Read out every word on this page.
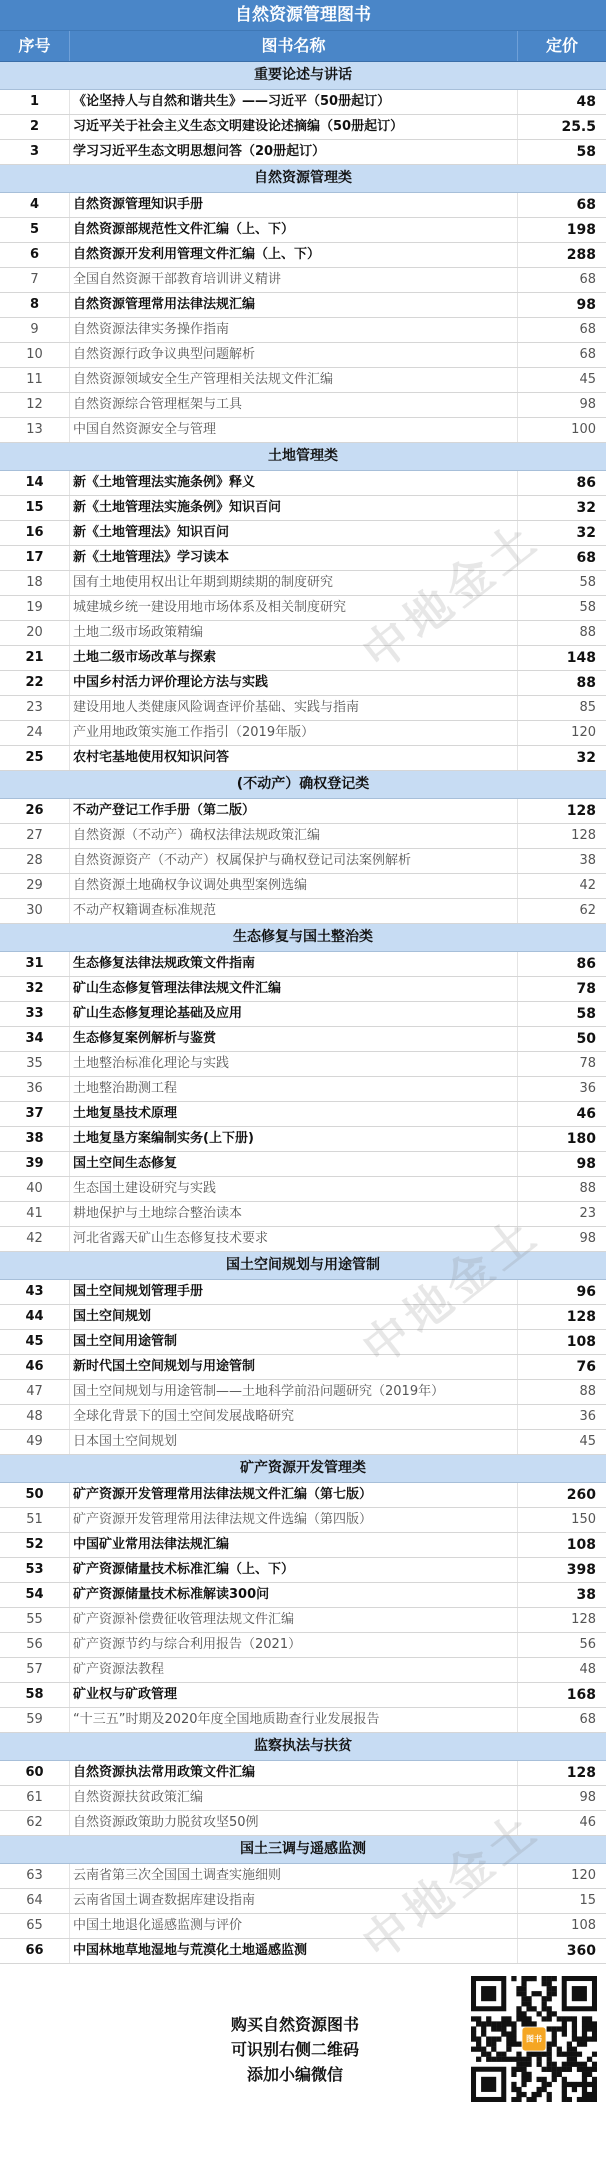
自然资源管理图书
序号	图书名称	定价
重要论述与讲话
1	《论坚持人与自然和谐共生》——习近平（50册起订）	48
2	习近平关于社会主义生态文明建设论述摘编（50册起订）	25.5
3	学习习近平生态文明思想问答（20册起订）	58
自然资源管理类
4	自然资源管理知识手册	68
5	自然资源部规范性文件汇编（上、下）	198
6	自然资源开发利用管理文件汇编（上、下）	288
7	全国自然资源干部教育培训讲义精讲	68
8	自然资源管理常用法律法规汇编	98
9	自然资源法律实务操作指南	68
10	自然资源行政争议典型问题解析	68
11	自然资源领域安全生产管理相关法规文件汇编	45
12	自然资源综合管理框架与工具	98
13	中国自然资源安全与管理	100
土地管理类
14	新《土地管理法实施条例》释义	86
15	新《土地管理法实施条例》知识百问	32
16	新《土地管理法》知识百问	32
17	新《土地管理法》学习读本	68
18	国有土地使用权出让年期到期续期的制度研究	58
19	城建城乡统一建设用地市场体系及相关制度研究	58
20	土地二级市场政策精编	88
21	土地二级市场改革与探索	148
22	中国乡村活力评价理论方法与实践	88
23	建设用地人类健康风险调查评价基础、实践与指南	85
24	产业用地政策实施工作指引（2019年版）	120
25	农村宅基地使用权知识问答	32
(不动产）确权登记类
26	不动产登记工作手册（第二版）	128
27	自然资源（不动产）确权法律法规政策汇编	128
28	自然资源资产（不动产）权属保护与确权登记司法案例解析	38
29	自然资源土地确权争议调处典型案例选编	42
30	不动产权籍调查标准规范	62
生态修复与国土整治类
31	生态修复法律法规政策文件指南	86
32	矿山生态修复管理法律法规文件汇编	78
33	矿山生态修复理论基础及应用	58
34	生态修复案例解析与鉴赏	50
35	土地整治标准化理论与实践	78
36	土地整治勘测工程	36
37	土地复垦技术原理	46
38	土地复垦方案编制实务(上下册)	180
39	国土空间生态修复	98
40	生态国土建设研究与实践	88
41	耕地保护与土地综合整治读本	23
42	河北省露天矿山生态修复技术要求	98
国土空间规划与用途管制
43	国土空间规划管理手册	96
44	国土空间规划	128
45	国土空间用途管制	108
46	新时代国土空间规划与用途管制	76
47	国土空间规划与用途管制——土地科学前沿问题研究（2019年）	88
48	全球化背景下的国土空间发展战略研究	36
49	日本国土空间规划	45
矿产资源开发管理类
50	矿产资源开发管理常用法律法规文件汇编（第七版）	260
51	矿产资源开发管理常用法律法规文件选编（第四版）	150
52	中国矿业常用法律法规汇编	108
53	矿产资源储量技术标准汇编（上、下）	398
54	矿产资源储量技术标准解读300问	38
55	矿产资源补偿费征收管理法规文件汇编	128
56	矿产资源节约与综合利用报告（2021）	56
57	矿产资源法教程	48
58	矿业权与矿政管理	168
59	“十三五”时期及2020年度全国地质勘查行业发展报告	68
监察执法与扶贫
60	自然资源执法常用政策文件汇编	128
61	自然资源扶贫政策汇编	98
62	自然资源政策助力脱贫攻坚50例	46
国土三调与遥感监测
63	云南省第三次全国国土调查实施细则	120
64	云南省国土调查数据库建设指南	15
65	中国土地退化遥感监测与评价	108
66	中国林地草地湿地与荒漠化土地遥感监测	360
购买自然资源图书
可识别右侧二维码
添加小编微信
图书
